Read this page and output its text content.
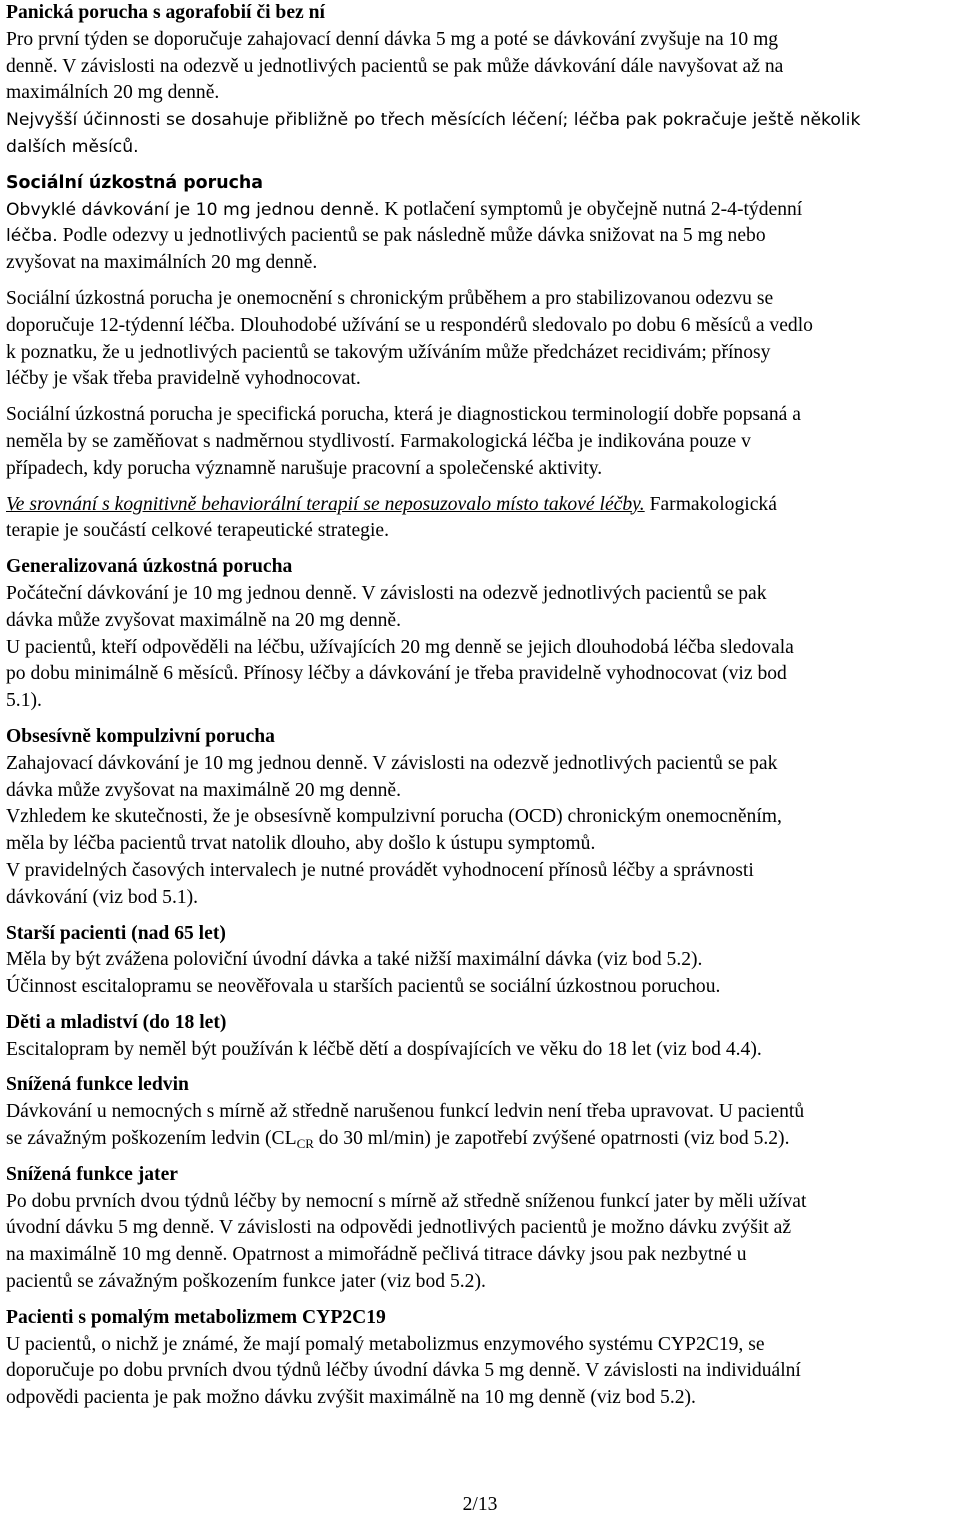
Panická porucha s agorafobií či bez ní
Pro první týden se doporučuje zahajovací denní dávka 5 mg a poté se dávkování zvyšuje na 10 mg
denně. V závislosti na odezvě u jednotlivých pacientů se pak může dávkování dále navyšovat až na
maximálních 20 mg denně.
Nejvyšší účinnosti se dosahuje přibližně po třech měsících léčení; léčba pak pokračuje ještě několik
dalších měsíců.
Sociální úzkostná porucha
Obvyklé dávkování je 10 mg jednou denně. K potlačení symptomů je obyčejně nutná 2-4-týdenní
léčba. Podle odezvy u jednotlivých pacientů se pak následně může dávka snižovat na 5 mg nebo
zvyšovat na maximálních 20 mg denně.
Sociální úzkostná porucha je onemocnění s chronickým průběhem a pro stabilizovanou odezvu se
doporučuje 12-týdenní léčba. Dlouhodobé užívání se u respondérů sledovalo po dobu 6 měsíců a vedlo
k poznatku, že u jednotlivých pacientů se takovým užíváním může předcházet recidivám; přínosy
léčby je však třeba pravidelně vyhodnocovat.
Sociální úzkostná porucha je specifická porucha, která je diagnostickou terminologií dobře popsaná a
neměla by se zaměňovat s nadměrnou stydlivostí. Farmakologická léčba je indikována pouze v
případech, kdy porucha významně narušuje pracovní a společenské aktivity.
Ve srovnání s kognitivně behaviorální terapií se neposuzovalo místo takové léčby. Farmakologická
terapie je součástí celkové terapeutické strategie.
Generalizovaná úzkostná porucha
Počáteční dávkování je 10 mg jednou denně. V závislosti na odezvě jednotlivých pacientů se pak
dávka může zvyšovat maximálně na 20 mg denně.
U pacientů, kteří odpověděli na léčbu, užívajících 20 mg denně se jejich dlouhodobá léčba sledovala
po dobu minimálně 6 měsíců. Přínosy léčby a dávkování je třeba pravidelně vyhodnocovat (viz bod
5.1).
Obsesívně kompulzivní porucha
Zahajovací dávkování je 10 mg jednou denně. V závislosti na odezvě jednotlivých pacientů se pak
dávka může zvyšovat na maximálně 20 mg denně.
Vzhledem ke skutečnosti, že je obsesívně kompulzivní porucha (OCD) chronickým onemocněním,
měla by léčba pacientů trvat natolik dlouho, aby došlo k ústupu symptomů.
V pravidelných časových intervalech je nutné provádět vyhodnocení přínosů léčby a správnosti
dávkování (viz bod 5.1).
Starší pacienti (nad 65 let)
Měla by být zvážena poloviční úvodní dávka a také nižší maximální dávka (viz bod 5.2).
Účinnost escitalopramu se neověřovala u starších pacientů se sociální úzkostnou poruchou.
Děti a mladiství (do 18 let)
Escitalopram by neměl být používán k léčbě dětí a dospívajících ve věku do 18 let (viz bod 4.4).
Snížená funkce ledvin
Dávkování u nemocných s mírně až středně narušenou funkcí ledvin není třeba upravovat. U pacientů
se závažným poškozením ledvin ($CL_{CR}$ do 30 ml/min) je zapotřebí zvýšené opatrnosti (viz bod 5.2).
Snížená funkce jater
Po dobu prvních dvou týdnů léčby by nemocní s mírně až středně sníženou funkcí jater by měli užívat
úvodní dávku 5 mg denně. V závislosti na odpovědi jednotlivých pacientů je možno dávku zvýšit až
na maximálně 10 mg denně. Opatrnost a mimořádně pečlivá titrace dávky jsou pak nezbytné u
pacientů se závažným poškozením funkce jater (viz bod 5.2).
Pacienti s pomalým metabolizmem CYP2C19
U pacientů, o nichž je známé, že mají pomalý metabolizmus enzymového systému CYP2C19, se
doporučuje po dobu prvních dvou týdnů léčby úvodní dávka 5 mg denně. V závislosti na individuální
odpovědi pacienta je pak možno dávku zvýšit maximálně na 10 mg denně (viz bod 5.2).
2/13
